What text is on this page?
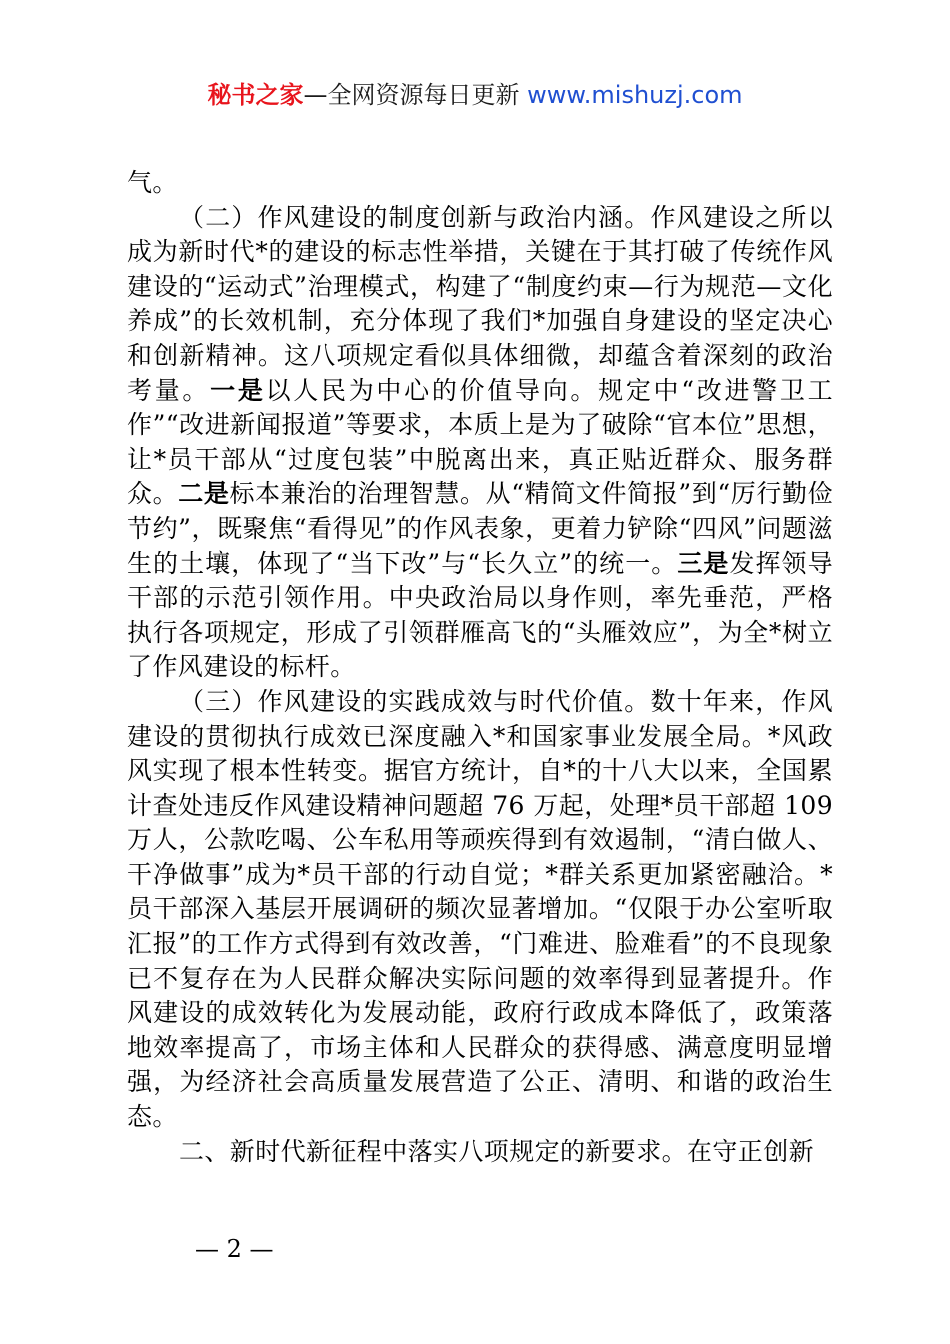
秘书之家—全网资源每日更新 www.mishuzj.com

气。

（二）作风建设的制度创新与政治内涵。作风建设之所以成为新时代*的建设的标志性举措，关键在于其打破了传统作风建设的“运动式”治理模式，构建了“制度约束—行为规范—文化养成”的长效机制，充分体现了我们*加强自身建设的坚定决心和创新精神。这八项规定看似具体细微，却蕴含着深刻的政治考量。一是以人民为中心的价值导向。规定中“改进警卫工作”“改进新闻报道”等要求，本质上是为了破除“官本位”思想，让*员干部从“过度包装”中脱离出来，真正贴近群众、服务群众。二是标本兼治的治理智慧。从“精简文件简报”到“厉行勤俭节约”，既聚焦“看得见”的作风表象，更着力铲除“四风”问题滋生的土壤，体现了“当下改”与“长久立”的统一。三是发挥领导干部的示范引领作用。中央政治局以身作则，率先垂范，严格执行各项规定，形成了引领群雁高飞的“头雁效应”，为全*树立了作风建设的标杆。

（三）作风建设的实践成效与时代价值。数十年来，作风建设的贯彻执行成效已深度融入*和国家事业发展全局。*风政风实现了根本性转变。据官方统计，自*的十八大以来，全国累计查处违反作风建设精神问题超 76 万起，处理*员干部超 109 万人，公款吃喝、公车私用等顽疾得到有效遏制，“清白做人、干净做事”成为*员干部的行动自觉；*群关系更加紧密融洽。*员干部深入基层开展调研的频次显著增加。“仅限于办公室听取汇报”的工作方式得到有效改善，“门难进、脸难看”的不良现象已不复存在为人民群众解决实际问题的效率得到显著提升。作风建设的成效转化为发展动能，政府行政成本降低了，政策落地效率提高了，市场主体和人民群众的获得感、满意度明显增强，为经济社会高质量发展营造了公正、清明、和谐的政治生态。

二、新时代新征程中落实八项规定的新要求。在守正创新

— 2 —
